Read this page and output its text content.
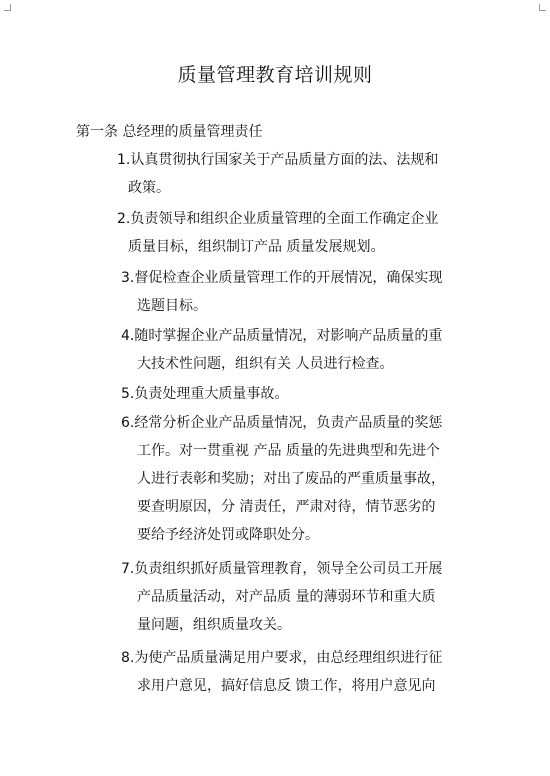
质量管理教育培训规则
第一条 总经理的质量管理责任
1.认真贯彻执行国家关于产品质量方面的法、法规和
政策。
2.负责领导和组织企业质量管理的全面工作确定企业
质量目标，组织制订产品 质量发展规划。
3.督促检查企业质量管理工作的开展情况，确保实现
选题目标。
4.随时掌握企业产品质量情况，对影响产品质量的重
大技术性问题，组织有关 人员进行检查。
5.负责处理重大质量事故。
6.经常分析企业产品质量情况，负责产品质量的奖惩
工作。对一贯重视 产品 质量的先进典型和先进个
人进行表彰和奖励；对出了废品的严重质量事故，
要查明原因，分 清责任，严肃对待，情节恶劣的
要给予经济处罚或降职处分。
7.负责组织抓好质量管理教育，领导全公司员工开展
产品质量活动，对产品质 量的薄弱环节和重大质
量问题，组织质量攻关。
8.为使产品质量满足用户要求，由总经理组织进行征
求用户意见，搞好信息反 馈工作，将用户意见向
